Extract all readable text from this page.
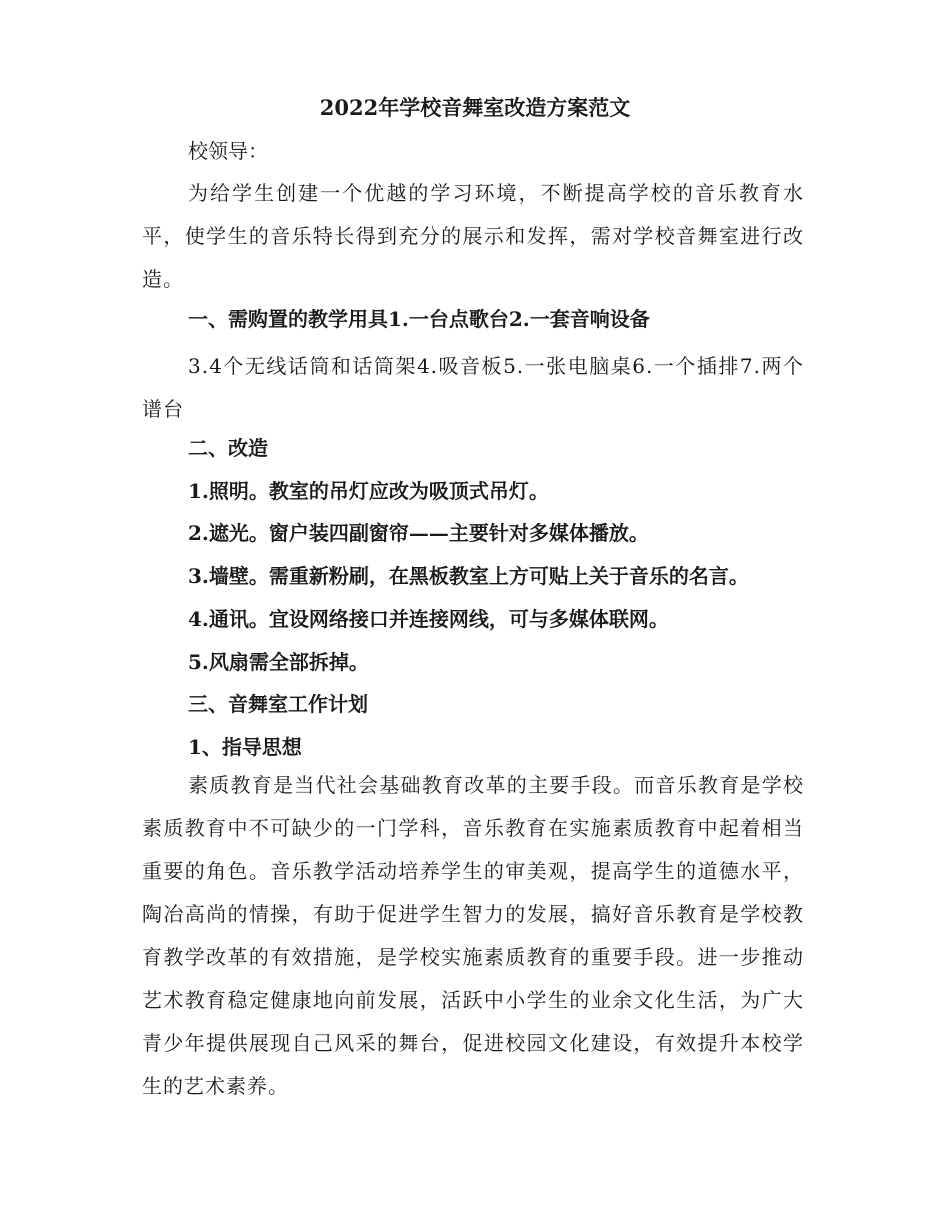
2022年学校音舞室改造方案范文
校领导：
为给学生创建一个优越的学习环境，不断提高学校的音乐教育水平，使学生的音乐特长得到充分的展示和发挥，需对学校音舞室进行改造。
一、需购置的教学用具1.一台点歌台2.一套音响设备
3.4个无线话筒和话筒架4.吸音板5.一张电脑桌6.一个插排7.两个谱台
二、改造
1.照明。教室的吊灯应改为吸顶式吊灯。
2.遮光。窗户装四副窗帘——主要针对多媒体播放。
3.墙壁。需重新粉刷，在黑板教室上方可贴上关于音乐的名言。
4.通讯。宜设网络接口并连接网线，可与多媒体联网。
5.风扇需全部拆掉。
三、音舞室工作计划
1、指导思想
素质教育是当代社会基础教育改革的主要手段。而音乐教育是学校素质教育中不可缺少的一门学科，音乐教育在实施素质教育中起着相当重要的角色。音乐教学活动培养学生的审美观，提高学生的道德水平，陶冶高尚的情操，有助于促进学生智力的发展，搞好音乐教育是学校教育教学改革的有效措施，是学校实施素质教育的重要手段。进一步推动艺术教育稳定健康地向前发展，活跃中小学生的业余文化生活，为广大青少年提供展现自己风采的舞台，促进校园文化建设，有效提升本校学生的艺术素养。
